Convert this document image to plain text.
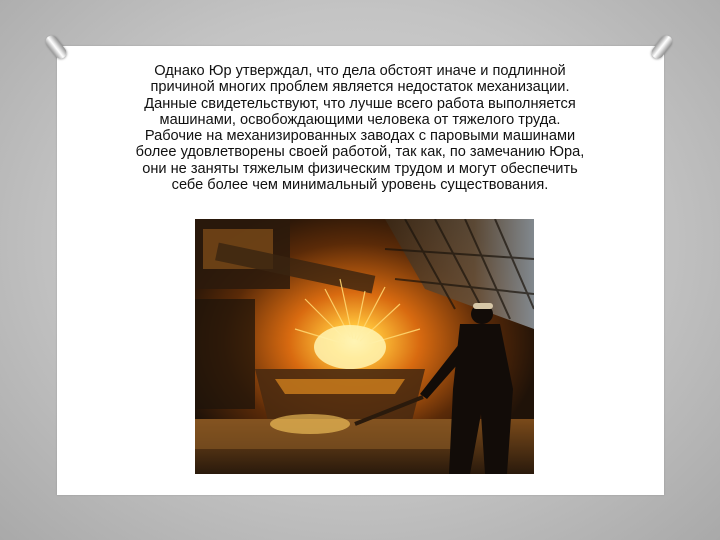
Однако Юр утверждал, что дела обстоят иначе и подлинной
причиной многих проблем является недостаток механизации.
Данные свидетельствуют, что лучше всего работа выполняется
машинами, освобождающими человека от тяжелого труда.
Рабочие на механизированных заводах с паровыми машинами
более удовлетворены своей работой, так как, по замечанию Юра,
они не заняты тяжелым физическим трудом и могут обеспечить
себе более чем минимальный уровень существования.
